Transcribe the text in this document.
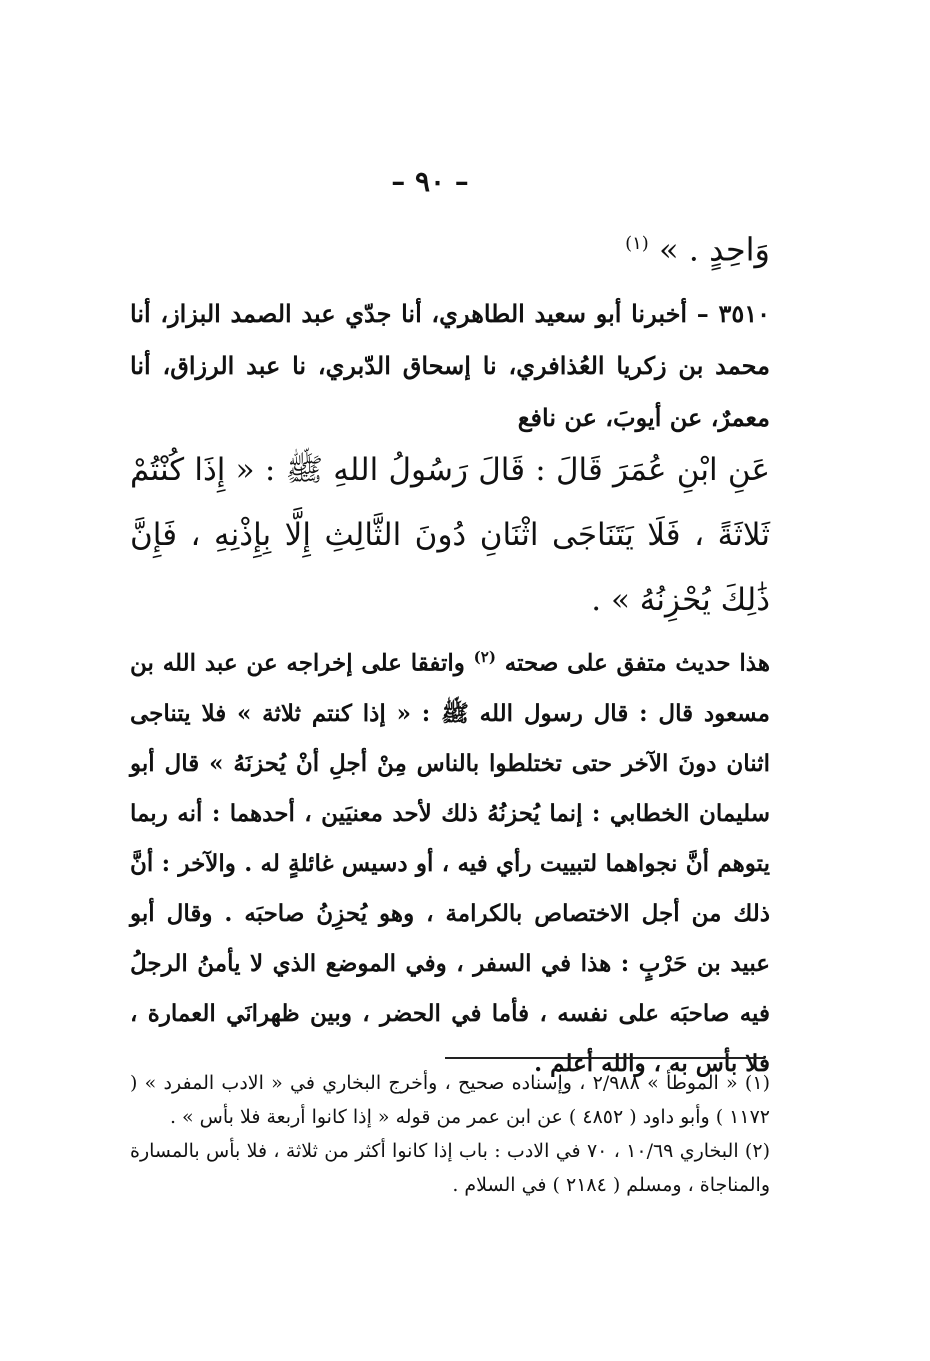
– ٩٠ –
وَاحِدٍ . » $^{(١)}$
٣٥١٠ – أخبرنا أبو سعيد الطاهري، أنا جدّي عبد الصمد البزاز، أنا محمد بن زكريا العُذافري، نا إسحاق الدّبري، نا عبد الرزاق، أنا معمرٌ، عن أيوبَ، عن نافع
عَنِ ابْنِ عُمَرَ قَالَ : قَالَ رَسُولُ اللهِ ﷺ : « إِذَا كُنْتُمْ ثَلاثَةً ، فَلَا يَتَنَاجَى اثْنَانِ دُونَ الثَّالِثِ إِلَّا بِإِذْنِهِ ، فَإِنَّ ذَٰلِكَ يُحْزِنُهُ » .
هذا حديث متفق على صحته $^{(٢)}$ واتفقا على إخراجه عن عبد الله بن مسعود قال : قال رسول الله ﷺ : « إذا كنتم ثلاثة » فلا يتناجى اثنان دونَ الآخر حتى تختلطوا بالناس مِنْ أجلِ أنْ يُحزنَهُ » قال أبو سليمان الخطابي : إنما يُحزنُهُ ذلك لأحد معنيَين ، أحدهما : أنه ربما يتوهم أنَّ نجواهما لتبييت رأي فيه ، أو دسيس غائلةٍ له . والآخر : أنَّ ذلك من أجل الاختصاص بالكرامة ، وهو يُحزِنُ صاحبَه . وقال أبو عبيد بن حَرْبٍ : هذا في السفر ، وفي الموضع الذي لا يأمنُ الرجلُ فيه صاحبَه على نفسه ، فأما في الحضر ، وبين ظهرانَي العمارة ، فلا بأس به ، والله أعلم .

(١) « الموطأ » ٢/٩٨٨ ، وإسناده صحيح ، وأخرج البخاري في « الادب المفرد » ( ١١٧٢ ) وأبو داود ( ٤٨٥٢ ) عن ابن عمر من قوله « إذا كانوا أربعة فلا بأس » .

(٢) البخاري ١٠/٦٩ ، ٧٠ في الادب : باب إذا كانوا أكثر من ثلاثة ، فلا بأس بالمسارة والمناجاة ، ومسلم ( ٢١٨٤ ) في السلام .
